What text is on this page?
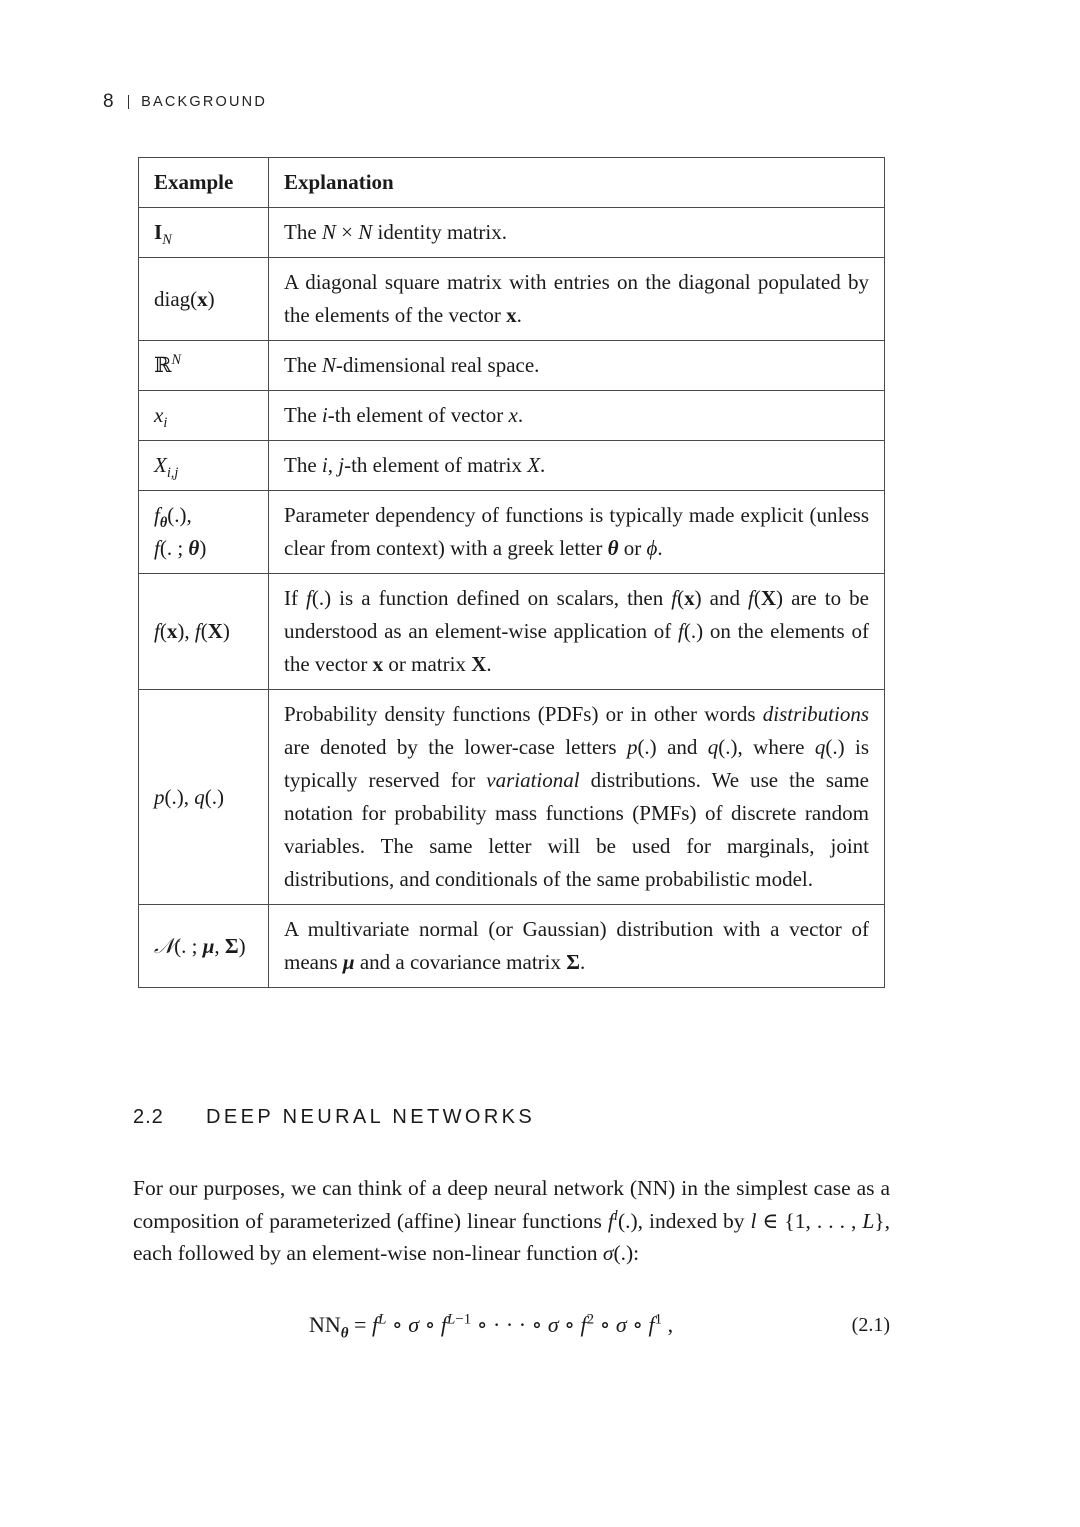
8 BACKGROUND
Example	Explanation
$I_N$	The N × N identity matrix.
diag(x)	A diagonal square matrix with entries on the diagonal populated by the elements of the vector x.
ℝ$^N$	The N-dimensional real space.
$x_i$	The i-th element of vector x.
$X_{i,j}$	The i, j-th element of matrix X.
$f_\theta(.)$,
f(. ; θ)	Parameter dependency of functions is typically made explicit (unless clear from context) with a greek letter θ or ϕ.
f(x), f(X)	If f(.) is a function defined on scalars, then f(x) and f(X) are to be understood as an element-wise application of f(.) on the elements of the vector x or matrix X.
p(.), q(.)	Probability density functions (PDFs) or in other words distributions are denoted by the lower-case letters p(.) and q(.), where q(.) is typically reserved for variational distributions. We use the same notation for probability mass functions (PMFs) of discrete random variables. The same letter will be used for marginals, joint distributions, and conditionals of the same probabilistic model.
𝒩(. ; μ, Σ)	A multivariate normal (or Gaussian) distribution with a vector of means μ and a covariance matrix Σ.
2.2	DEEP NEURAL NETWORKS
For our purposes, we can think of a deep neural network (NN) in the simplest case as a composition of parameterized (affine) linear functions $f^l(.)$, indexed by l ∈ {1, . . . , L}, each followed by an element-wise non-linear function σ(.):
$NN_\theta = f^L$ ∘ σ ∘ $f^{L-1}$ ∘ · · · ∘ σ ∘ $f^2$ ∘ σ ∘ $f^1$ ,	(2.1)
